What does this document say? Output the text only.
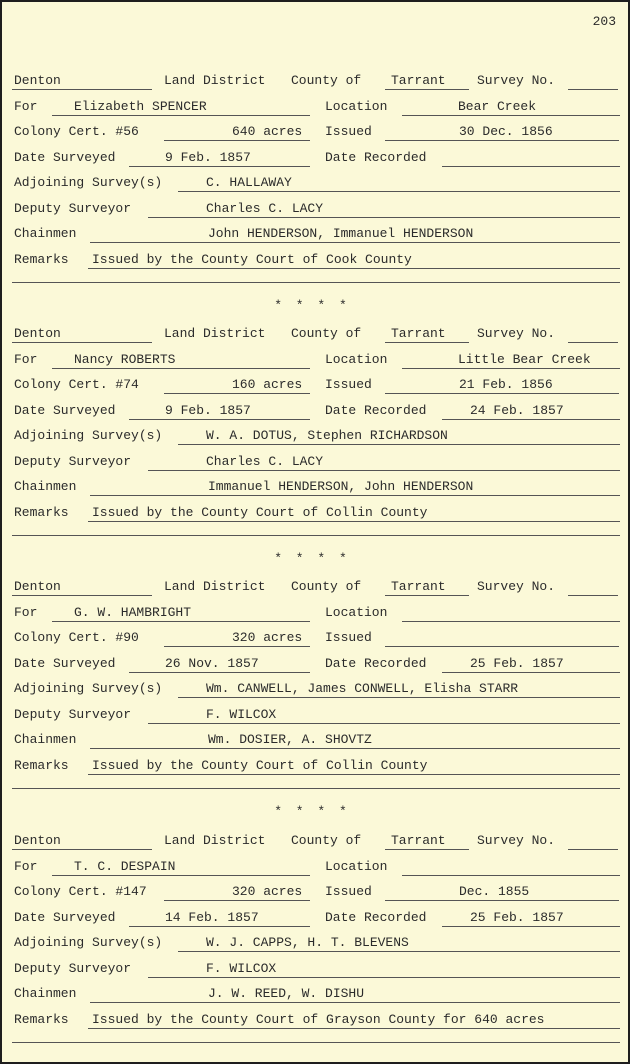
203
Denton	Land District County of	Tarrant	Survey No.
For	Elizabeth SPENCER	Location	Bear Creek
Colony Cert. #56	640 acres	Issued	30 Dec. 1856
Date Surveyed	9 Feb. 1857	Date Recorded
Adjoining Survey(s)	C. HALLAWAY
Deputy Surveyor	Charles C. LACY
Chainmen	John HENDERSON, Immanuel HENDERSON
Remarks	Issued by the County Court of Cook County
* * * *
Denton	Land District County of	Tarrant	Survey No.
For	Nancy ROBERTS	Location	Little Bear Creek
Colony Cert. #74	160 acres	Issued	21 Feb. 1856
Date Surveyed	9 Feb. 1857	Date Recorded	24 Feb. 1857
Adjoining Survey(s)	W. A. DOTUS, Stephen RICHARDSON
Deputy Surveyor	Charles C. LACY
Chainmen	Immanuel HENDERSON, John HENDERSON
Remarks	Issued by the County Court of Collin County
* * * *
Denton	Land District County of	Tarrant	Survey No.
For	G. W. HAMBRIGHT	Location
Colony Cert. #90	320 acres	Issued
Date Surveyed	26 Nov. 1857	Date Recorded	25 Feb. 1857
Adjoining Survey(s)	Wm. CANWELL, James CONWELL, Elisha STARR
Deputy Surveyor	F. WILCOX
Chainmen	Wm. DOSIER, A. SHOVTZ
Remarks	Issued by the County Court of Collin County
* * * *
Denton	Land District County of	Tarrant	Survey No.
For	T. C. DESPAIN	Location
Colony Cert. #147	320 acres	Issued	Dec. 1855
Date Surveyed	14 Feb. 1857	Date Recorded	25 Feb. 1857
Adjoining Survey(s)	W. J. CAPPS, H. T. BLEVENS
Deputy Surveyor	F. WILCOX
Chainmen	J. W. REED, W. DISHU
Remarks	Issued by the County Court of Grayson County for 640 acres
